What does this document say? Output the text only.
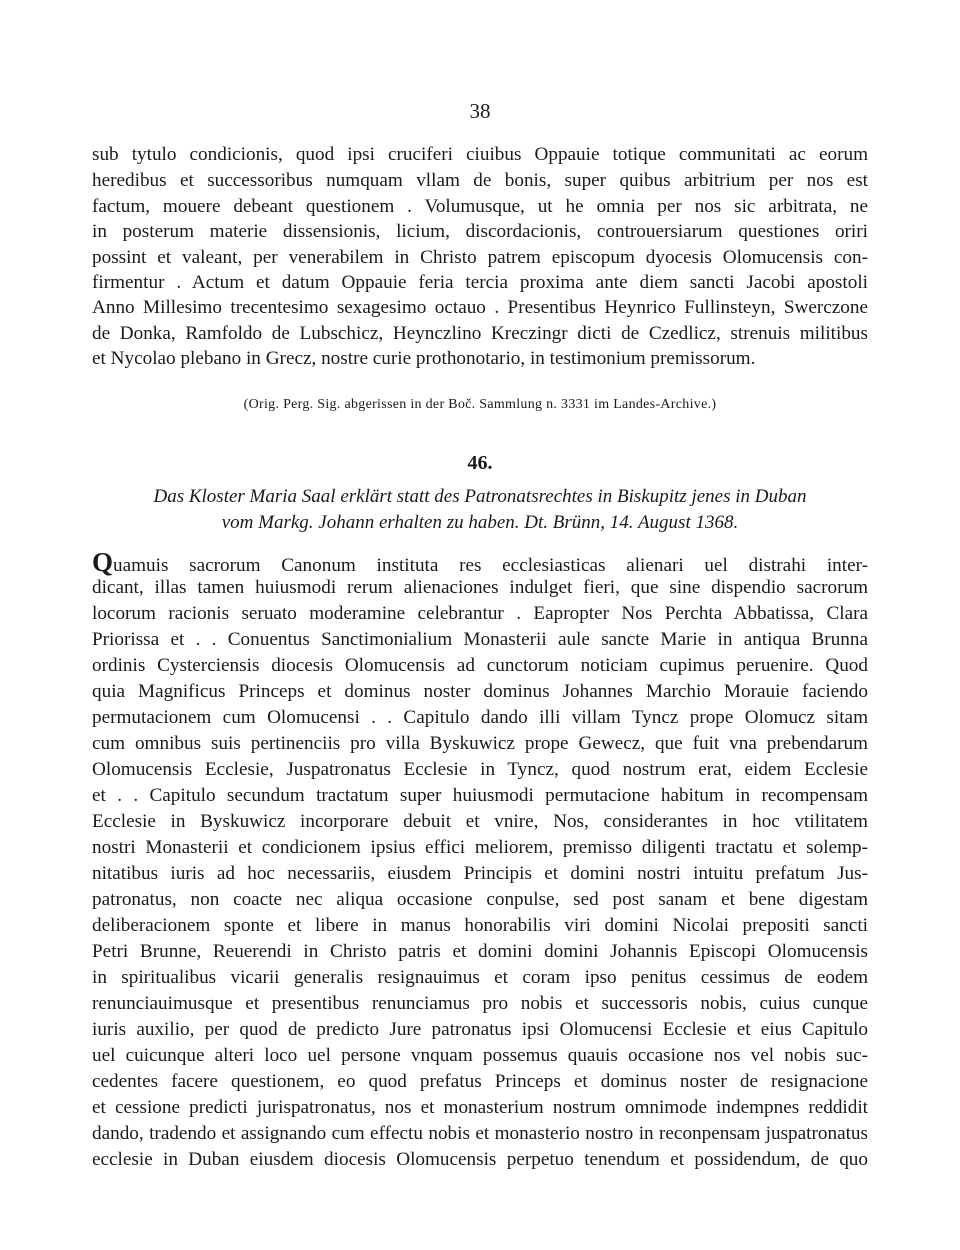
38
sub tytulo condicionis, quod ipsi cruciferi ciuibus Oppauie totique communitati ac eorum
heredibus et successoribus numquam vllam de bonis, super quibus arbitrium per nos est
factum, mouere debeant questionem . Volumusque, ut he omnia per nos sic arbitrata, ne
in posterum materie dissensionis, licium, discordacionis, controuersiarum questiones oriri
possint et valeant, per venerabilem in Christo patrem episcopum dyocesis Olomucensis con-
firmentur . Actum et datum Oppauie feria tercia proxima ante diem sancti Jacobi apostoli
Anno Millesimo trecentesimo sexagesimo octauo . Presentibus Heynrico Fullinsteyn, Swerczone
de Donka, Ramfoldo de Lubschicz, Heynczlino Kreczingr dicti de Czedlicz, strenuis militibus
et Nycolao plebano in Grecz, nostre curie prothonotario, in testimonium premissorum.
(Orig. Perg. Sig. abgerissen in der Boč. Sammlung n. 3331 im Landes-Archive.)
46.
Das Kloster Maria Saal erklärt statt des Patronatsrechtes in Biskupitz jenes in Duban
vom Markg. Johann erhalten zu haben. Dt. Brünn, 14. August 1368.
Quamuis sacrorum Canonum instituta res ecclesiasticas alienari uel distrahi inter-
dicant, illas tamen huiusmodi rerum alienaciones indulget fieri, que sine dispendio sacrorum
locorum racionis seruato moderamine celebrantur . Eapropter Nos Perchta Abbatissa, Clara
Priorissa et . . Conuentus Sanctimonialium Monasterii aule sancte Marie in antiqua Brunna
ordinis Cysterciensis diocesis Olomucensis ad cunctorum noticiam cupimus peruenire. Quod
quia Magnificus Princeps et dominus noster dominus Johannes Marchio Morauie faciendo
permutacionem cum Olomucensi . . Capitulo dando illi villam Tyncz prope Olomucz sitam
cum omnibus suis pertinenciis pro villa Byskuwicz prope Gewecz, que fuit vna prebendarum
Olomucensis Ecclesie, Juspatronatus Ecclesie in Tyncz, quod nostrum erat, eidem Ecclesie
et . . Capitulo secundum tractatum super huiusmodi permutacione habitum in recompensam
Ecclesie in Byskuwicz incorporare debuit et vnire, Nos, considerantes in hoc vtilitatem
nostri Monasterii et condicionem ipsius effici meliorem, premisso diligenti tractatu et solemp-
nitatibus iuris ad hoc necessariis, eiusdem Principis et domini nostri intuitu prefatum Jus-
patronatus, non coacte nec aliqua occasione conpulse, sed post sanam et bene digestam
deliberacionem sponte et libere in manus honorabilis viri domini Nicolai prepositi sancti
Petri Brunne, Reuerendi in Christo patris et domini domini Johannis Episcopi Olomucensis
in spiritualibus vicarii generalis resignauimus et coram ipso penitus cessimus de eodem
renunciauimusque et presentibus renunciamus pro nobis et successoris nobis, cuius cunque
iuris auxilio, per quod de predicto Jure patronatus ipsi Olomucensi Ecclesie et eius Capitulo
uel cuicunque alteri loco uel persone vnquam possemus quauis occasione nos vel nobis suc-
cedentes facere questionem, eo quod prefatus Princeps et dominus noster de resignacione
et cessione predicti jurispatronatus, nos et monasterium nostrum omnimode indempnes reddidit
dando, tradendo et assignando cum effectu nobis et monasterio nostro in reconpensam juspatronatus
ecclesie in Duban eiusdem diocesis Olomucensis perpetuo tenendum et possidendum, de quo
